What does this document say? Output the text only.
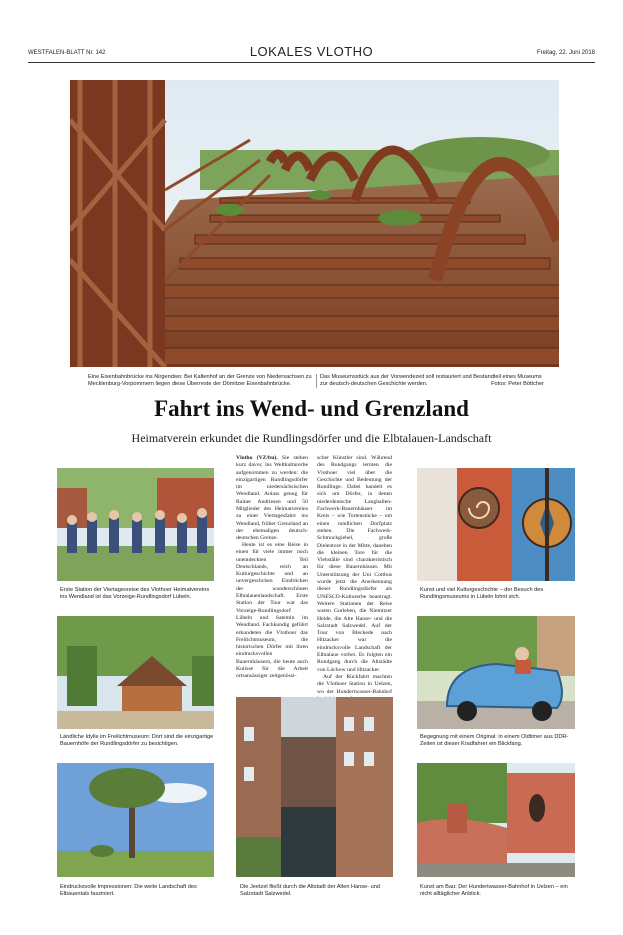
WESTFALEN-BLATT Nr. 142	LOKALES VLOTHO	Freitag, 22. Juni 2018
Eine Eisenbahnbrücke ins Nirgendwo: Bei Kaltenhof an der Grenze von Niedersachsen zu Mecklenburg-Vorpommern liegen diese Überreste der Dömitzer Eisenbahnbrücke.
Das Museumsstück aus der Vorwendezeit soll restauriert und Bestandteil eines Museums zur deutsch-deutschen Geschichte werden.	Fotos: Peter Böttcher
Fahrt ins Wend- und Grenzland
Heimatverein erkundet die Rundlingsdörfer und die Elbtalauen-Landschaft
Erste Station der Viertagesreise des Vlothoer Heimatvereins ins Wendland ist das Vorzeige-Rundlingsdorf Lübeln.
Ländliche Idylle im Freilichtmuseum: Dort sind die einzigartige Bauernhöfe der Rundlingsdörfer zu besichtigen.
Eindrucksvolle Impressionen: Die weite Landschaft des Elbauentals fasziniert.

Vlotho (VZ/bu). Sie stehen kurz davor, ins Weltkulturerbe aufgenommen zu werden: die einzigartigen Rundlingsdörfer im niedersächsischen Wendland. Anlass genug für Rainer Andriesen und 50 Mitglieder des Heimatvereins zu einer Viertagesfahrt ins Wendland, früher Grenzland an der ehemaligen deutsch-deutschen Grenze.

Heute ist es eine Reise in einen für viele immer noch unentdeckten Teil Deutschlands, reich an Kulturgeschichte und an unvergesslichen Eindrücken der wunderschönen Elbtalauenlandschaft. Erste Station der Tour war das Vorzeige-Rundlingsdorf Lübeln und Satemin im Wendland. Fachkundig geführt erkundeten die Vlothoer das Freilichtmuseum, die historischen Dörfer mit ihren eindrucksvollen Bauernhäusern, die heute auch Kulisse für die Arbeit ortsansässiger zeitgenössi-

scher Künstler sind. Während des Rundgangs lernten die Vlothoer viel über die Geschichte und Bedeutung der Rundlinge. Dabei handelt es sich um Dörfer, in denen niederdeutsche Langhallen-Fachwerk-Bauernhäuser im Kreis – wie Tortenstücke – um einen rundlichen Dorfplatz stehen. Die Fachwerk-Schmuckgiebel, große Dielentore in der Mitte, daneben die kleinen Tore für die Viehställe sind charakteristisch für diese Bauernhäuser. Mit Unterstützung der Uni Cottbus wurde jetzt die Anerkennung dieser Rundlingsdörfer als UNESCO-Kulturerbe beantragt. Weitere Stationen der Reise waren Gorleben, die Niemitzer Heide, die Alte Hanse- und die Salzstadt Salzwedel. Auf der Tour von Bleckede nach Hitzacker war die eindrucksvolle Landschaft der Elbtalaue vorbei. Es folgten ein Rundgang durch die Altstädte von Lüchow und Hitzacker.

Auf der Rückfahrt machten die Vlothoer Station in Uelzen, wo der Hundertwasser-Bahnhof

Die Jeetzel fließt durch die Altstadt der Alten Hanse- und Salzstadt Salzwedel.
Kunst und viel Kulturgeschichte – der Besuch des Rundlingsmuseums in Lübeln lohnt sich.
Begegnung mit einem Original: in einem Oldtimer aus DDR-Zeiten ist dieser Kradfahrer ein Blickfang.
Kunst am Bau: Der Hundertwasser-Bahnhof in Uelzen – ein nicht alltäglicher Anblick.
